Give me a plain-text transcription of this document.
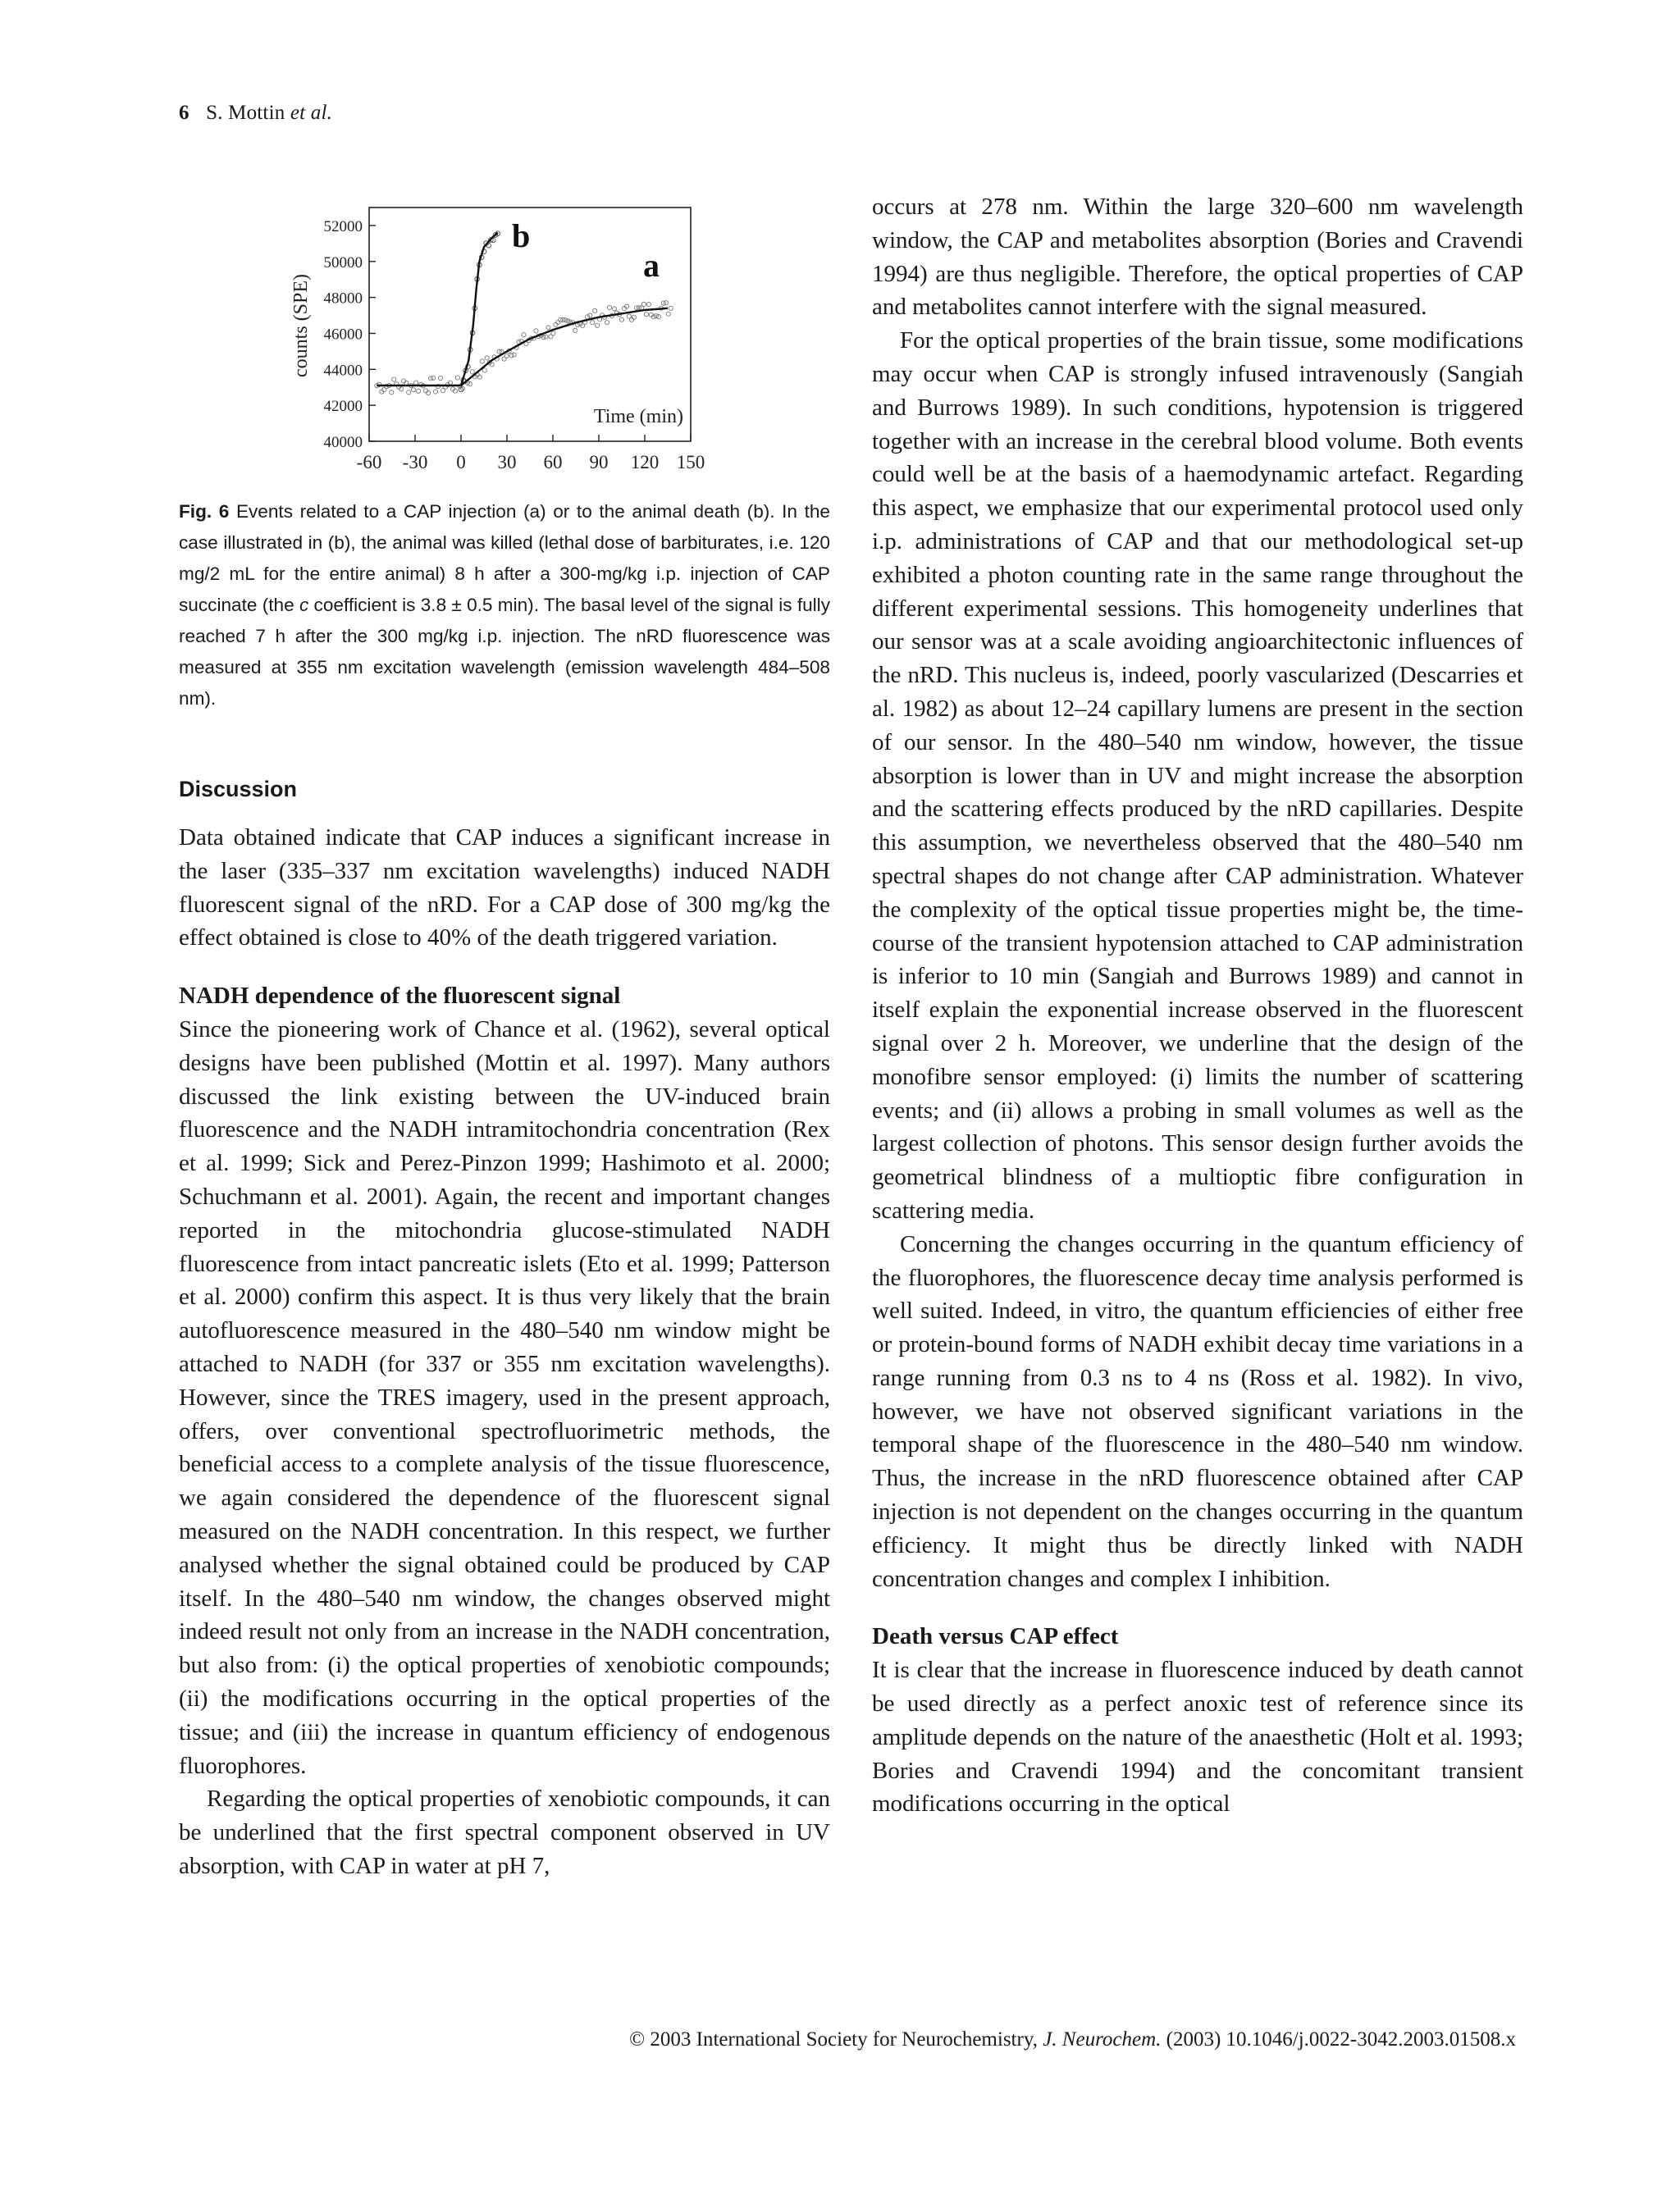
6 S. Mottin et al.
counts (SPE)
Time (min)
40000
42000
44000
46000
48000
50000
52000
-60 -30 0 30 60 90 120 150
b
a
Fig. 6 Events related to a CAP injection (a) or to the animal death (b). In the case illustrated in (b), the animal was killed (lethal dose of barbiturates, i.e. 120 mg/2 mL for the entire animal) 8 h after a 300-mg/kg i.p. injection of CAP succinate (the c coefficient is 3.8 ± 0.5 min). The basal level of the signal is fully reached 7 h after the 300 mg/kg i.p. injection. The nRD fluorescence was measured at 355 nm excitation wavelength (emission wavelength 484–508 nm).
Discussion

Data obtained indicate that CAP induces a significant increase in the laser (335–337 nm excitation wavelengths) induced NADH fluorescent signal of the nRD. For a CAP dose of 300 mg/kg the effect obtained is close to 40% of the death triggered variation.

NADH dependence of the fluorescent signal

Since the pioneering work of Chance et al. (1962), several optical designs have been published (Mottin et al. 1997). Many authors discussed the link existing between the UV-induced brain fluorescence and the NADH intramitochondria concentration (Rex et al. 1999; Sick and Perez-Pinzon 1999; Hashimoto et al. 2000; Schuchmann et al. 2001). Again, the recent and important changes reported in the mitochondria glucose-stimulated NADH fluorescence from intact pancreatic islets (Eto et al. 1999; Patterson et al. 2000) confirm this aspect. It is thus very likely that the brain autofluorescence measured in the 480–540 nm window might be attached to NADH (for 337 or 355 nm excitation wavelengths). However, since the TRES imagery, used in the present approach, offers, over conventional spectrofluorimetric methods, the beneficial access to a complete analysis of the tissue fluorescence, we again considered the dependence of the fluorescent signal measured on the NADH concentration. In this respect, we further analysed whether the signal obtained could be produced by CAP itself. In the 480–540 nm window, the changes observed might indeed result not only from an increase in the NADH concentration, but also from: (i) the optical properties of xenobiotic compounds; (ii) the modifications occurring in the optical properties of the tissue; and (iii) the increase in quantum efficiency of endogenous fluorophores.

Regarding the optical properties of xenobiotic compounds, it can be underlined that the first spectral component observed in UV absorption, with CAP in water at pH 7,

occurs at 278 nm. Within the large 320–600 nm wavelength window, the CAP and metabolites absorption (Bories and Cravendi 1994) are thus negligible. Therefore, the optical properties of CAP and metabolites cannot interfere with the signal measured.

For the optical properties of the brain tissue, some modifications may occur when CAP is strongly infused intravenously (Sangiah and Burrows 1989). In such conditions, hypotension is triggered together with an increase in the cerebral blood volume. Both events could well be at the basis of a haemodynamic artefact. Regarding this aspect, we emphasize that our experimental protocol used only i.p. administrations of CAP and that our methodological set-up exhibited a photon counting rate in the same range throughout the different experimental sessions. This homogeneity underlines that our sensor was at a scale avoiding angioarchitectonic influences of the nRD. This nucleus is, indeed, poorly vascularized (Descarries et al. 1982) as about 12–24 capillary lumens are present in the section of our sensor. In the 480–540 nm window, however, the tissue absorption is lower than in UV and might increase the absorption and the scattering effects produced by the nRD capillaries. Despite this assumption, we nevertheless observed that the 480–540 nm spectral shapes do not change after CAP administration. Whatever the complexity of the optical tissue properties might be, the time-course of the transient hypotension attached to CAP administration is inferior to 10 min (Sangiah and Burrows 1989) and cannot in itself explain the exponential increase observed in the fluorescent signal over 2 h. Moreover, we underline that the design of the monofibre sensor employed: (i) limits the number of scattering events; and (ii) allows a probing in small volumes as well as the largest collection of photons. This sensor design further avoids the geometrical blindness of a multioptic fibre configuration in scattering media.

Concerning the changes occurring in the quantum efficiency of the fluorophores, the fluorescence decay time analysis performed is well suited. Indeed, in vitro, the quantum efficiencies of either free or protein-bound forms of NADH exhibit decay time variations in a range running from 0.3 ns to 4 ns (Ross et al. 1982). In vivo, however, we have not observed significant variations in the temporal shape of the fluorescence in the 480–540 nm window. Thus, the increase in the nRD fluorescence obtained after CAP injection is not dependent on the changes occurring in the quantum efficiency. It might thus be directly linked with NADH concentration changes and complex I inhibition.

Death versus CAP effect

It is clear that the increase in fluorescence induced by death cannot be used directly as a perfect anoxic test of reference since its amplitude depends on the nature of the anaesthetic (Holt et al. 1993; Bories and Cravendi 1994) and the concomitant transient modifications occurring in the optical

© 2003 International Society for Neurochemistry, J. Neurochem. (2003) 10.1046/j.0022-3042.2003.01508.x
